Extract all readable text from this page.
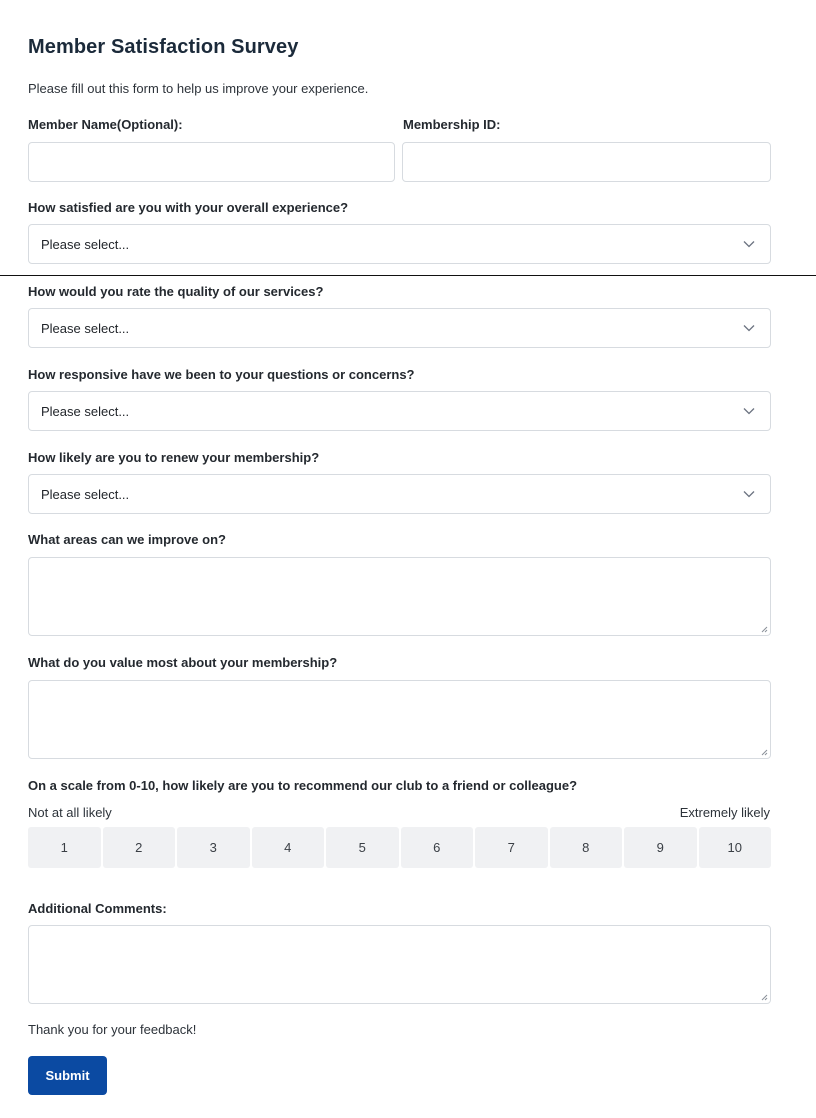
Member Satisfaction Survey
Please fill out this form to help us improve your experience.
Member Name(Optional):	Membership ID:
How satisfied are you with your overall experience?
Please select...
How would you rate the quality of our services?
Please select...
How responsive have we been to your questions or concerns?
Please select...
How likely are you to renew your membership?
Please select...
What areas can we improve on?
What do you value most about your membership?
On a scale from 0-10, how likely are you to recommend our club to a friend or colleague?
Not at all likely	Extremely likely
1	2	3	4	5	6	7	8	9	10
Additional Comments:
Thank you for your feedback!
Submit
